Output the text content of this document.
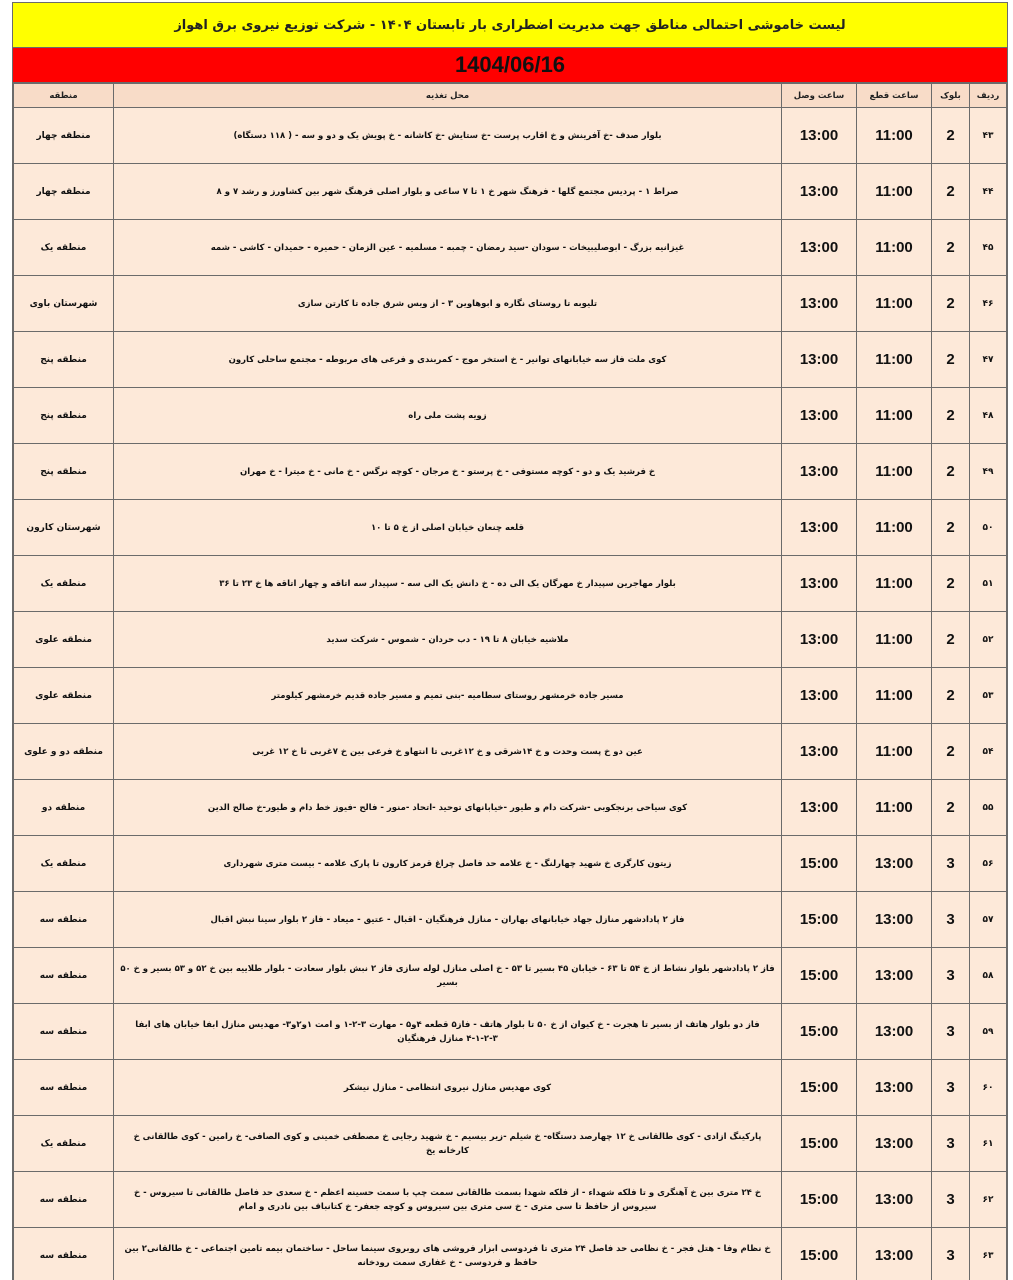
لیست خاموشی احتمالی مناطق جهت مدیریت اضطراری بار تابستان ۱۴۰۴ - شرکت توزیع نیروی برق اهواز
1404/06/16
ردیف	بلوک	ساعت قطع	ساعت وصل	محل تغذیه	منطقه
۴۳	2	11:00	13:00	بلوار صدف -خ آفرینش و خ اقارب پرست -خ ستایش -خ کاشانه - خ پویش یک و دو و سه - ( ۱۱۸ دستگاه)	منطقه چهار
۴۴	2	11:00	13:00	صراط ۱ - پردیس مجتمع گلها - فرهنگ شهر خ ۱ تا ۷ ساعی و بلوار اصلی فرهنگ شهر بین کشاورز و رشد ۷ و ۸	منطقه چهار
۴۵	2	11:00	13:00	غیزانیه بزرگ - ابوصلیبیخات - سودان -سید رمضان - چمبه - مسلمیه - عین الزمان - حمیره - حمیدان - کاشی - شمه	منطقه یک
۴۶	2	11:00	13:00	تلیوبه تا روستای نگاره و ابوهاوین ۳ - از ویس شرق جاده تا کارتن سازی	شهرستان باوی
۴۷	2	11:00	13:00	کوی ملت فاز سه خیابانهای توانیر - خ استخر موج - کمربندی و فرعی های مربوطه - مجتمع ساحلی کارون	منطقه پنج
۴۸	2	11:00	13:00	زویه پشت ملی راه	منطقه پنج
۴۹	2	11:00	13:00	خ فرشید یک و دو - کوچه مستوفی - خ پرستو - خ مرجان - کوچه نرگس - خ مانی - خ میترا - خ مهران	منطقه پنج
۵۰	2	11:00	13:00	قلعه چنعان خیابان اصلی از خ ۵ تا ۱۰	شهرستان کارون
۵۱	2	11:00	13:00	بلوار مهاجرین سپیدار خ مهرگان یک الی ده - خ دانش یک الی سه - سپیدار سه اتاقه و چهار اتاقه ها خ ۲۳ تا ۳۶	منطقه یک
۵۲	2	11:00	13:00	ملاشیه خیابان ۸ تا ۱۹ - دب حردان - شموس - شرکت سدید	منطقه علوی
۵۳	2	11:00	13:00	مسیر جاده خرمشهر روستای سطامیه -بنی تمیم و مسیر جاده قدیم خرمشهر کیلومتر	منطقه علوی
۵۴	2	11:00	13:00	عین دو خ پست وحدت و خ ۱۴شرقی و خ ۱۲غربی تا انتهاو خ فرعی بین خ ۷غربی تا خ ۱۲ غربی	منطقه دو و علوی
۵۵	2	11:00	13:00	کوی سیاحی برنجکوبی -شرکت دام و طیور -خیابانهای توحید -اتحاد -منور - فالح -فیوز خط دام و طیور-خ صالح الدین	منطقه دو
۵۶	3	13:00	15:00	زیتون کارگری خ شهید چهارلنگ - خ علامه حد فاصل چراغ قرمز کارون تا پارک علامه - بیست متری شهرداری	منطقه یک
۵۷	3	13:00	15:00	فاز ۲ پادادشهر منازل جهاد خیابانهای بهاران - منازل فرهنگیان - اقبال - عتیق - میعاد - فاز ۲ بلوار سینا نبش اقبال	منطقه سه
۵۸	3	13:00	15:00	فاز ۲ پادادشهر بلوار نشاط از خ ۵۴ تا ۶۳ - خیابان ۴۵ بسیر تا ۵۳ - خ اصلی منازل لوله سازی فاز ۲ نبش بلوار سعادت - بلوار طلاییه بین خ ۵۲ و ۵۳ بسیر و خ ۵۰ بسیر	منطقه سه
۵۹	3	13:00	15:00	فاز دو بلوار هاتف از بسیر تا هجرت - خ کیوان از خ ۵۰ تا بلوار هاتف - فاز۵ قطعه ۴و۵ - مهارت ۳-۲-۱ و امت ۱و۲و۳- مهدیس منازل ابفا خیابان های ابفا ۳-۲-۱-۴ منازل فرهنگیان	منطقه سه
۶۰	3	13:00	15:00	کوی مهدیس منازل نیروی انتظامی - منازل نیشکر	منطقه سه
۶۱	3	13:00	15:00	پارکینگ ازادی - کوی طالقانی خ ۱۲ چهارصد دستگاه- خ شیلم -زیر بیسیم - خ شهید رجایی خ مصطفی خمینی و کوی الصافی- خ رامین - کوی طالقانی خ کارخانه یخ	منطقه یک
۶۲	3	13:00	15:00	خ ۲۴ متری بین خ آهنگری و تا فلکه شهداء - از فلکه شهدا بسمت طالقانی سمت چپ با سمت حسینه اعظم - خ سعدی حد فاصل طالقانی تا سیروس - خ سیروس از حافظ تا سی متری - خ سی متری بین سیروس و کوچه جعفر- خ کتانباف بین نادری و امام	منطقه سه
۶۳	3	13:00	15:00	خ نظام وفا - هتل فجر - خ نظامی حد فاصل ۲۴ متری تا فردوسی ابزار فروشی های روبروی سینما ساحل - ساختمان بیمه تامین اجتماعی - خ طالقانی۲ بین حافظ و فردوسی - خ غفاری سمت رودخانه	منطقه سه
